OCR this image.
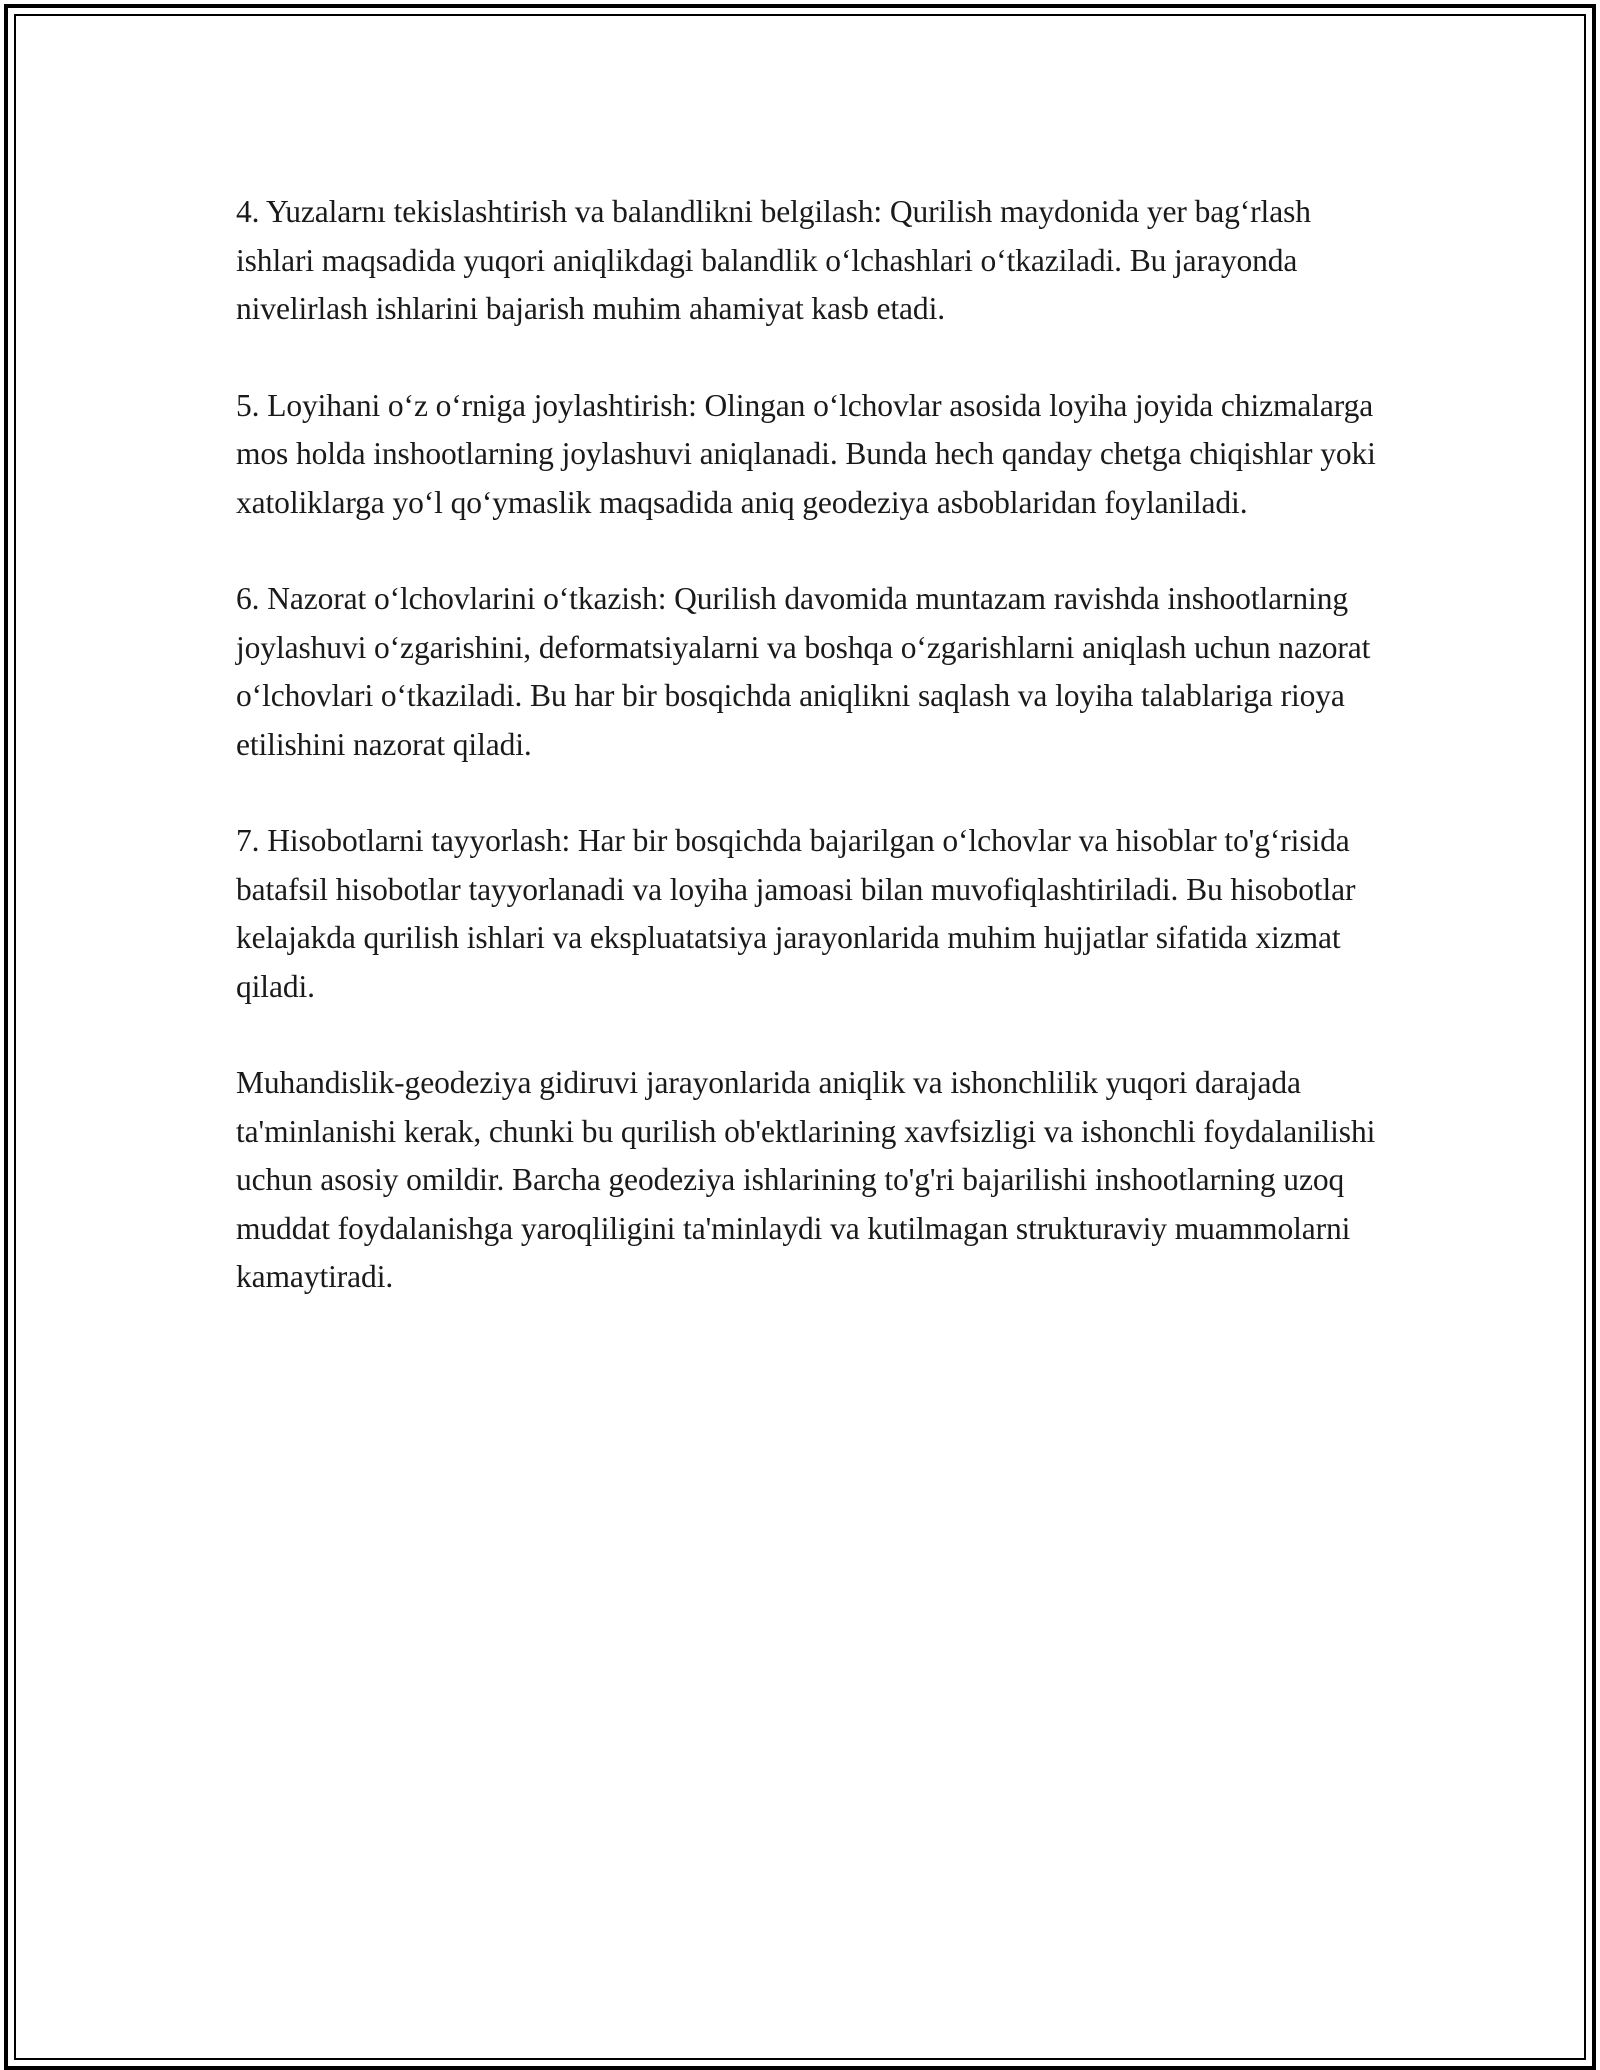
4. Yuzalarnı tekislashtirish va balandlikni belgilash: Qurilish maydonida yer bag‘rlash ishlari maqsadida yuqori aniqlikdagi balandlik o‘lchashlari o‘tkaziladi. Bu jarayonda nivelirlash ishlarini bajarish muhim ahamiyat kasb etadi.

5. Loyihani o‘z o‘rniga joylashtirish: Olingan o‘lchovlar asosida loyiha joyida chizmalarga mos holda inshootlarning joylashuvi aniqlanadi. Bunda hech qanday chetga chiqishlar yoki xatoliklarga yo‘l qo‘ymaslik maqsadida aniq geodeziya asboblaridan foylaniladi.

6. Nazorat o‘lchovlarini o‘tkazish: Qurilish davomida muntazam ravishda inshootlarning joylashuvi o‘zgarishini, deformatsiyalarni va boshqa o‘zgarishlarni aniqlash uchun nazorat o‘lchovlari o‘tkaziladi. Bu har bir bosqichda aniqlikni saqlash va loyiha talablariga rioya etilishini nazorat qiladi.

7. Hisobotlarni tayyorlash: Har bir bosqichda bajarilgan o‘lchovlar va hisoblar to'g‘risida batafsil hisobotlar tayyorlanadi va loyiha jamoasi bilan muvofiqlashtiriladi. Bu hisobotlar kelajakda qurilish ishlari va ekspluatatsiya jarayonlarida muhim hujjatlar sifatida xizmat qiladi.

Muhandislik-geodeziya gidiruvi jarayonlarida aniqlik va ishonchlilik yuqori darajada ta'minlanishi kerak, chunki bu qurilish ob'ektlarining xavfsizligi va ishonchli foydalanilishi uchun asosiy omildir. Barcha geodeziya ishlarining to'g'ri bajarilishi inshootlarning uzoq muddat foydalanishga yaroqliligini ta'minlaydi va kutilmagan strukturaviy muammolarni kamaytiradi.
